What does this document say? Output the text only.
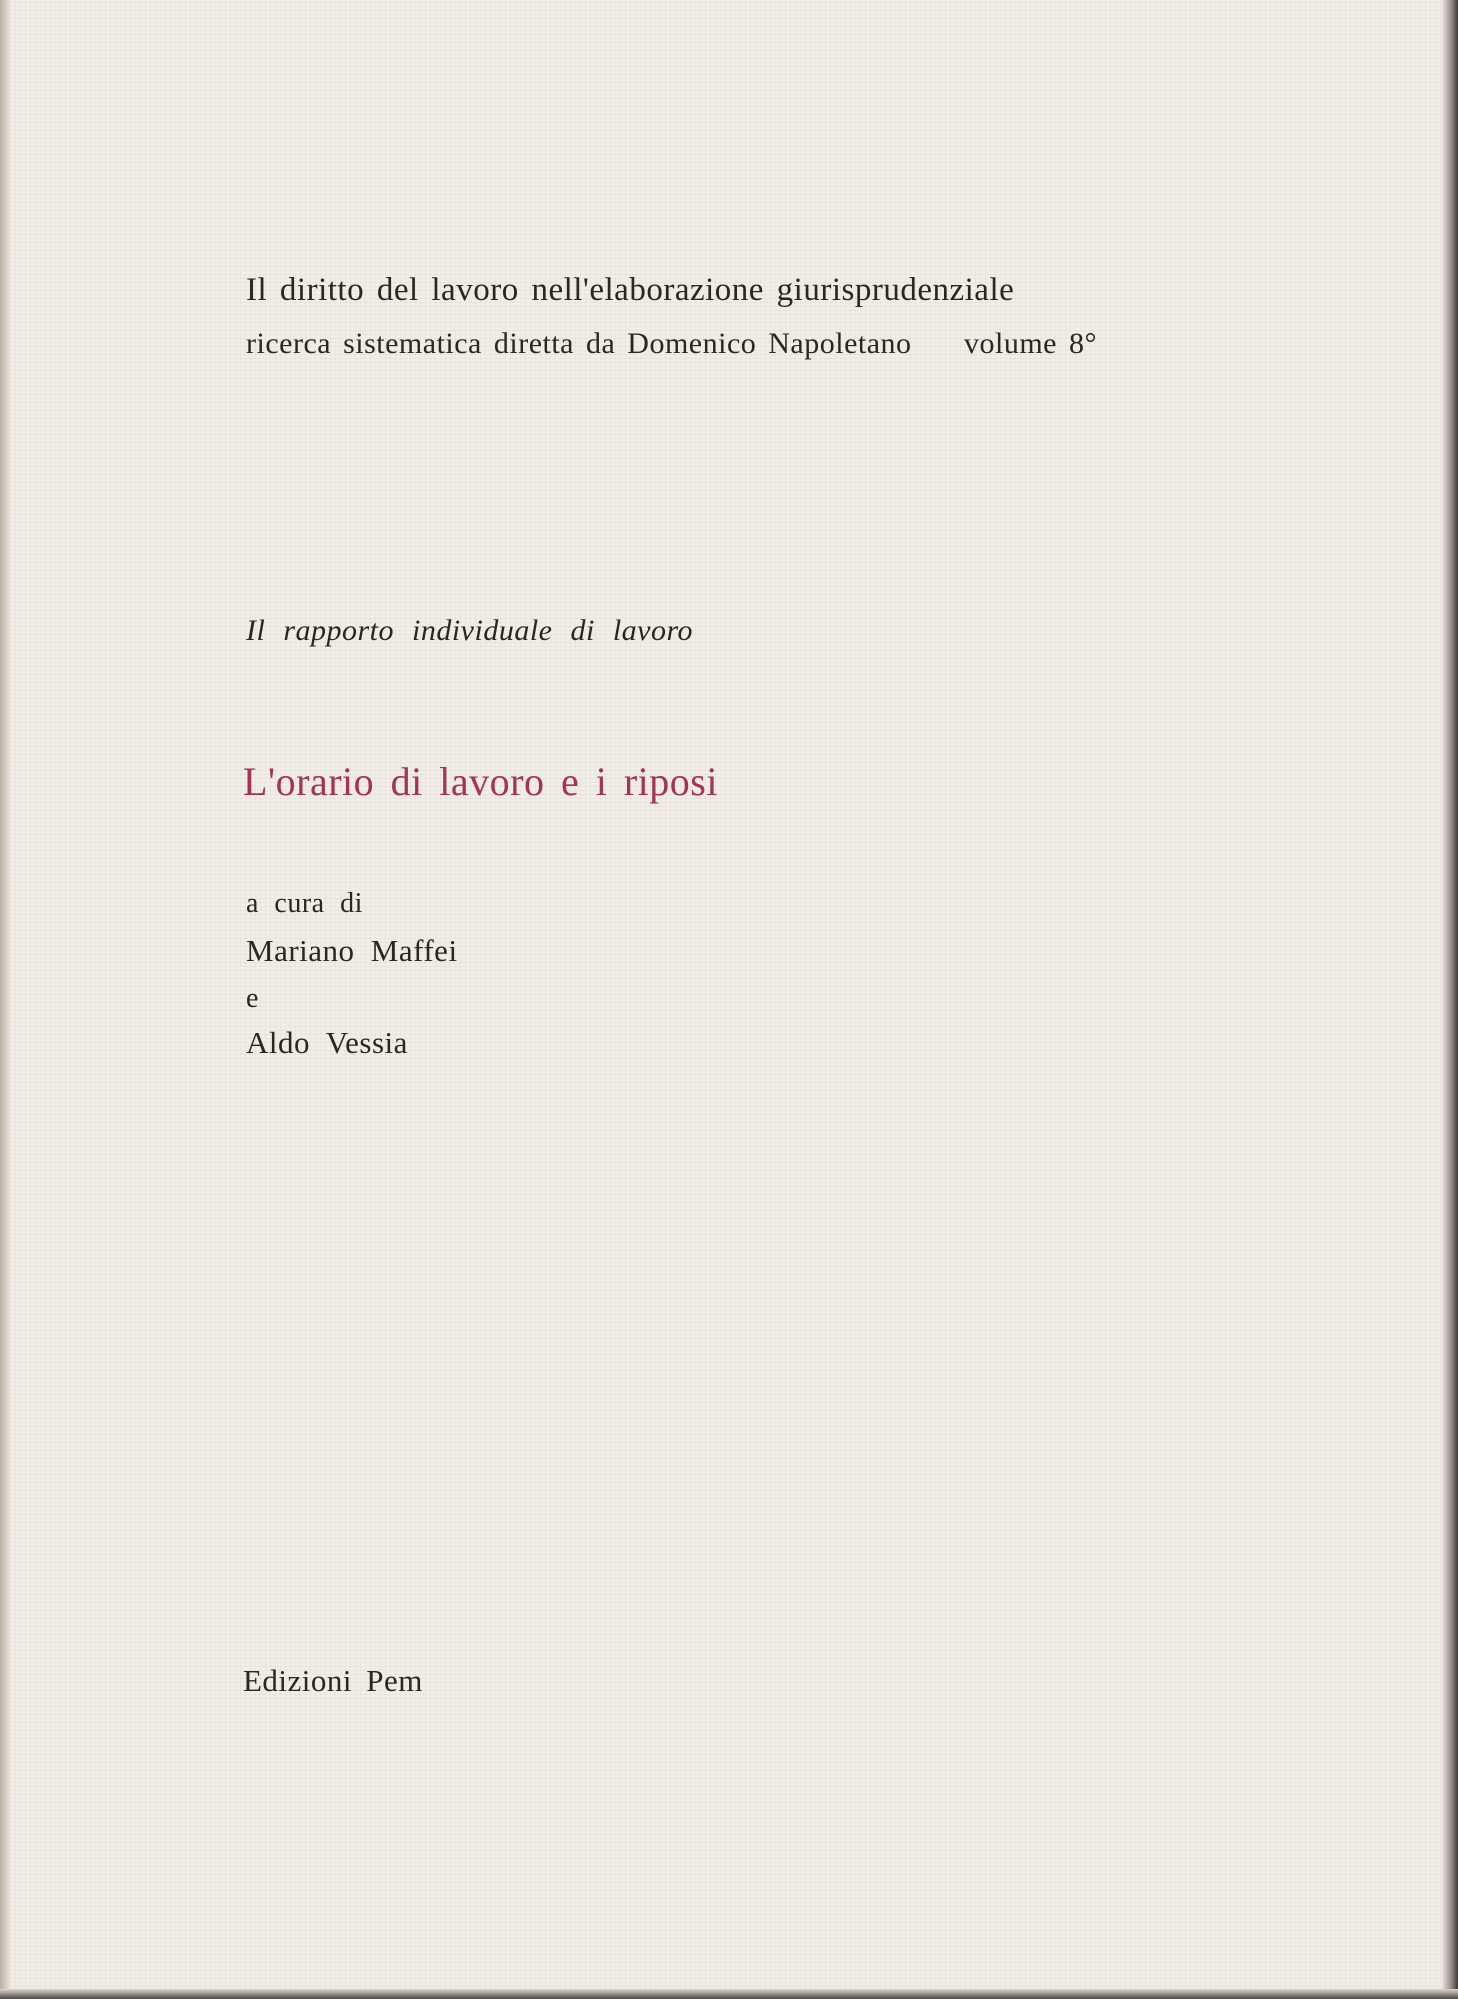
Il diritto del lavoro nell'elaborazione giurisprudenziale
ricerca sistematica diretta da Domenico Napoletano volume 8°
Il rapporto individuale di lavoro
L'orario di lavoro e i riposi
a cura di
Mariano Maffei
e
Aldo Vessia
Edizioni Pem
